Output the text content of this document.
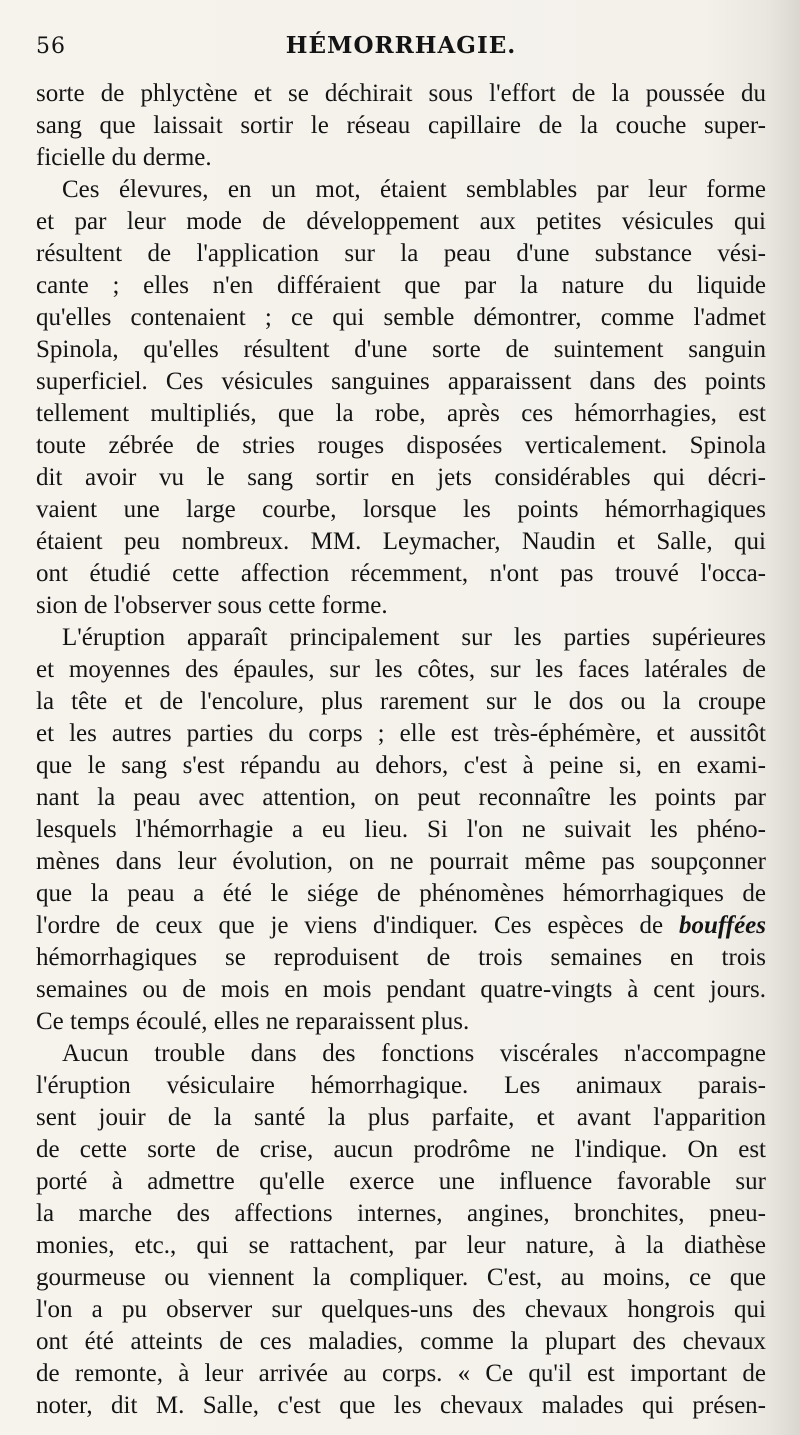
56	HÉMORRHAGIE.

sorte de phlyctène et se déchirait sous l'effort de la poussée du
sang que laissait sortir le réseau capillaire de la couche super-
ficielle du derme.

Ces élevures, en un mot, étaient semblables par leur forme
et par leur mode de développement aux petites vésicules qui
résultent de l'application sur la peau d'une substance vési-
cante ; elles n'en différaient que par la nature du liquide
qu'elles contenaient ; ce qui semble démontrer, comme l'admet
Spinola, qu'elles résultent d'une sorte de suintement sanguin
superficiel. Ces vésicules sanguines apparaissent dans des points
tellement multipliés, que la robe, après ces hémorrhagies, est
toute zébrée de stries rouges disposées verticalement. Spinola
dit avoir vu le sang sortir en jets considérables qui décri-
vaient une large courbe, lorsque les points hémorrhagiques
étaient peu nombreux. MM. Leymacher, Naudin et Salle, qui
ont étudié cette affection récemment, n'ont pas trouvé l'occa-
sion de l'observer sous cette forme.

L'éruption apparaît principalement sur les parties supérieures
et moyennes des épaules, sur les côtes, sur les faces latérales de
la tête et de l'encolure, plus rarement sur le dos ou la croupe
et les autres parties du corps ; elle est très-éphémère, et aussitôt
que le sang s'est répandu au dehors, c'est à peine si, en exami-
nant la peau avec attention, on peut reconnaître les points par
lesquels l'hémorrhagie a eu lieu. Si l'on ne suivait les phéno-
mènes dans leur évolution, on ne pourrait même pas soupçonner
que la peau a été le siége de phénomènes hémorrhagiques de
l'ordre de ceux que je viens d'indiquer. Ces espèces de bouffées
hémorrhagiques se reproduisent de trois semaines en trois
semaines ou de mois en mois pendant quatre-vingts à cent jours.
Ce temps écoulé, elles ne reparaissent plus.

Aucun trouble dans des fonctions viscérales n'accompagne
l'éruption vésiculaire hémorrhagique. Les animaux parais-
sent jouir de la santé la plus parfaite, et avant l'apparition
de cette sorte de crise, aucun prodrôme ne l'indique. On est
porté à admettre qu'elle exerce une influence favorable sur
la marche des affections internes, angines, bronchites, pneu-
monies, etc., qui se rattachent, par leur nature, à la diathèse
gourmeuse ou viennent la compliquer. C'est, au moins, ce que
l'on a pu observer sur quelques-uns des chevaux hongrois qui
ont été atteints de ces maladies, comme la plupart des chevaux
de remonte, à leur arrivée au corps. « Ce qu'il est important de
noter, dit M. Salle, c'est que les chevaux malades qui présen-
